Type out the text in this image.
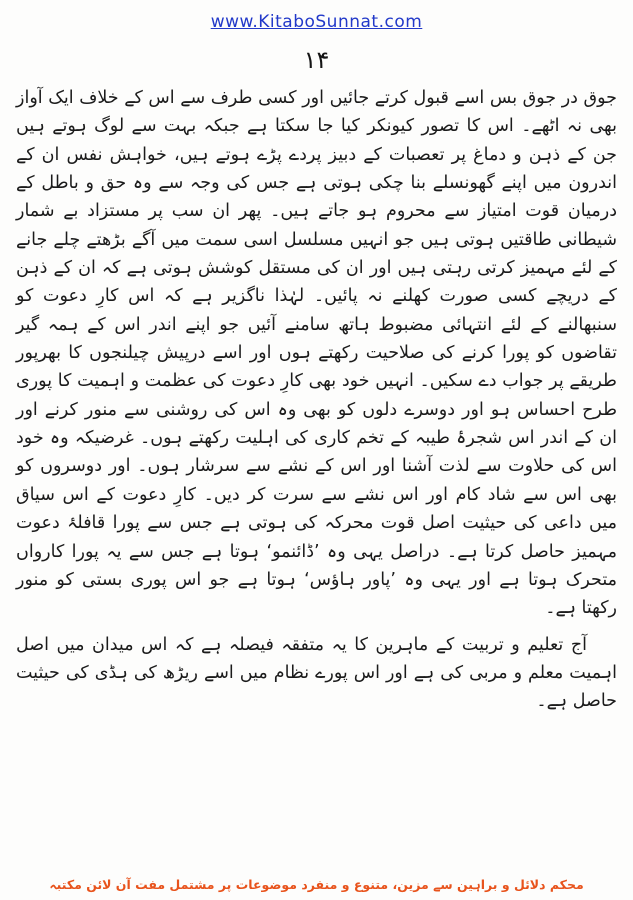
www.KitaboSunnat.com
۱۴

جوق در جوق بس اسے قبول کرتے جائیں اور کسی طرف سے اس کے خلاف ایک آواز بھی نہ اٹھے۔ اس کا تصور کیونکر کیا جا سکتا ہے جبکہ بہت سے لوگ ہوتے ہیں جن کے ذہن و دماغ پر تعصبات کے دبیز پردے پڑے ہوتے ہیں، خواہش نفس ان کے اندرون میں اپنے گھونسلے بنا چکی ہوتی ہے جس کی وجہ سے وہ حق و باطل کے درمیان قوت امتیاز سے محروم ہو جاتے ہیں۔ پھر ان سب پر مستزاد بے شمار شیطانی طاقتیں ہوتی ہیں جو انہیں مسلسل اسی سمت میں آگے بڑھتے چلے جانے کے لئے مہمیز کرتی رہتی ہیں اور ان کی مستقل کوشش ہوتی ہے کہ ان کے ذہن کے دریچے کسی صورت کھلنے نہ پائیں۔ لہٰذا ناگزیر ہے کہ اس کارِ دعوت کو سنبھالنے کے لئے انتہائی مضبوط ہاتھ سامنے آئیں جو اپنے اندر اس کے ہمہ گیر تقاضوں کو پورا کرنے کی صلاحیت رکھتے ہوں اور اسے درپیش چیلنجوں کا بھرپور طریقے پر جواب دے سکیں۔ انہیں خود بھی کارِ دعوت کی عظمت و اہمیت کا پوری طرح احساس ہو اور دوسرے دلوں کو بھی وہ اس کی روشنی سے منور کرنے اور ان کے اندر اس شجرۂ طیبہ کے تخم کاری کی اہلیت رکھتے ہوں۔ غرضیکہ وہ خود اس کی حلاوت سے لذت آشنا اور اس کے نشے سے سرشار ہوں۔ اور دوسروں کو بھی اس سے شاد کام اور اس نشے سے سرت کر دیں۔ کارِ دعوت کے اس سیاق میں داعی کی حیثیت اصل قوت محرکہ کی ہوتی ہے جس سے پورا قافلۂ دعوت مہمیز حاصل کرتا ہے۔ دراصل یہی وہ ’ڈائنمو‘ ہوتا ہے جس سے یہ پورا کارواں متحرک ہوتا ہے اور یہی وہ ’پاور ہاؤس‘ ہوتا ہے جو اس پوری بستی کو منور رکھتا ہے۔

آج تعلیم و تربیت کے ماہرین کا یہ متفقہ فیصلہ ہے کہ اس میدان میں اصل اہمیت معلم و مربی کی ہے اور اس پورے نظام میں اسے ریڑھ کی ہڈی کی حیثیت حاصل ہے۔

محکم دلائل و براہین سے مزین، متنوع و منفرد موضوعات پر مشتمل مفت آن لائن مکتبہ
